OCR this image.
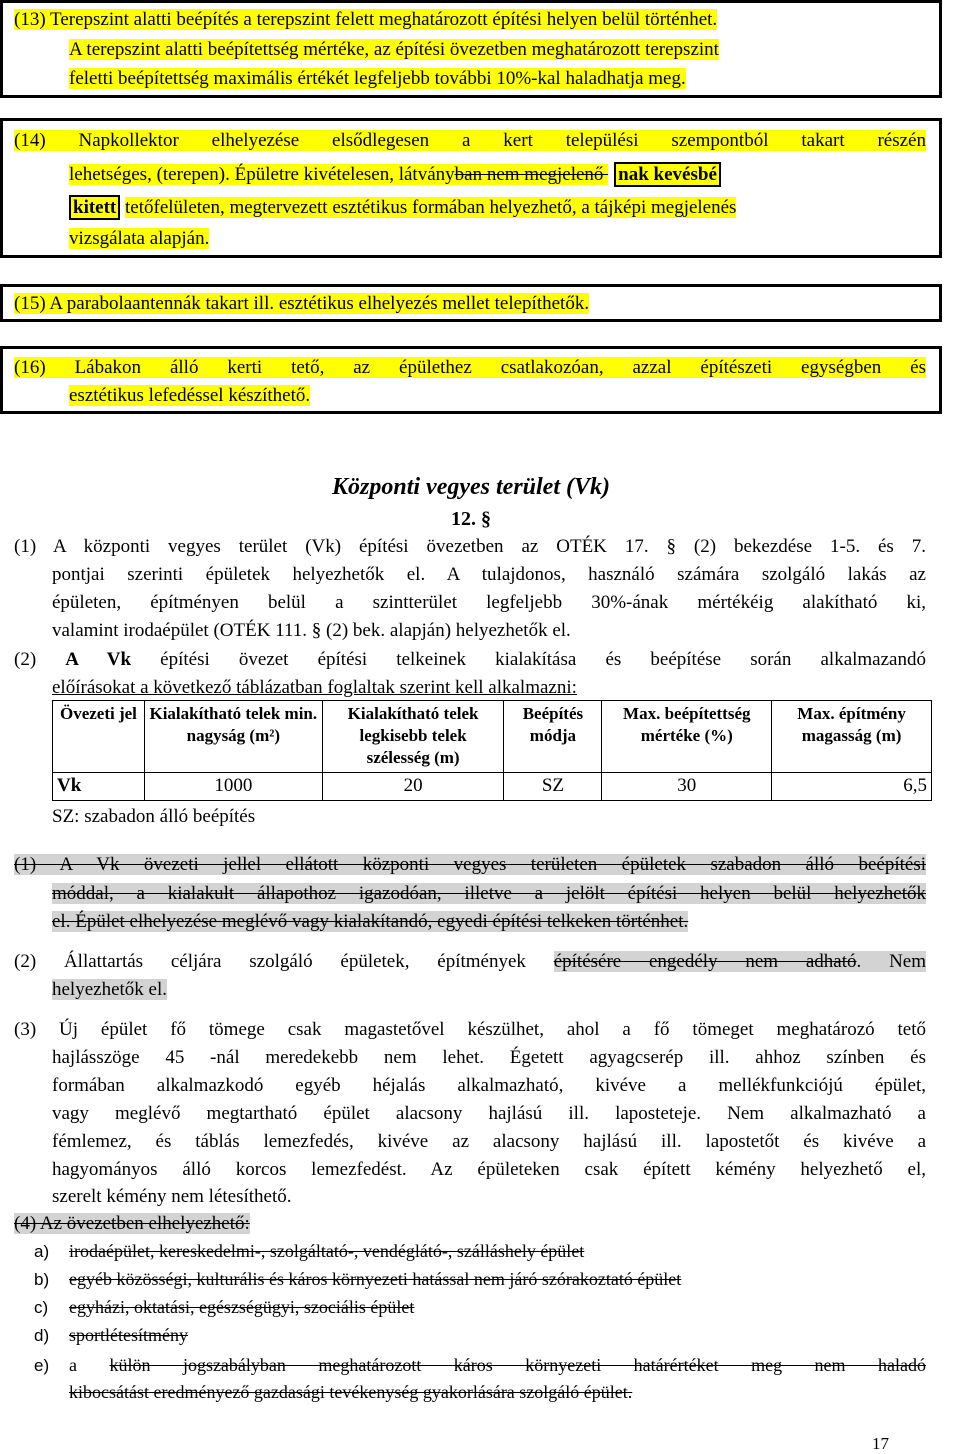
(13) Terepszint alatti beépítés a terepszint felett meghatározott építési helyen belül történhet.
A terepszint alatti beépítettség mértéke, az építési övezetben meghatározott terepszint
feletti beépítettség maximális értékét legfeljebb további 10%-kal haladhatja meg.
(14) Napkollektor elhelyezése elsődlegesen a kert települési szempontból takart részén
lehetséges, (terepen). Épületre kivételesen, látványban nem megjelenő nak kevésbé
kitett tetőfelületen, megtervezett esztétikus formában helyezhető, a tájképi megjelenés
vizsgálata alapján.
(15) A parabolaantennák takart ill. esztétikus elhelyezés mellet telepíthetők.
(16) Lábakon álló kerti tető, az épülethez csatlakozóan, azzal építészeti egységben és
esztétikus lefedéssel készíthető.
Központi vegyes terület (Vk)
12. §
(1) A központi vegyes terület (Vk) építési övezetben az OTÉK 17. § (2) bekezdése 1-5. és 7.
pontjai szerinti épületek helyezhetők el. A tulajdonos, használó számára szolgáló lakás az
épületen, építményen belül a szintterület legfeljebb 30%-ának mértékéig alakítható ki,
valamint irodaépület (OTÉK 111. § (2) bek. alapján) helyezhetők el.
(2) A Vk építési övezet építési telkeinek kialakítása és beépítése során alkalmazandó
előírásokat a következő táblázatban foglaltak szerint kell alkalmazni:
Övezeti jel	Kialakítható telek min. nagyság (m²)	Kialakítható telek legkisebb telek szélesség (m)	Beépítés módja	Max. beépítettség mértéke (%)	Max. építmény magasság (m)
Vk	1000	20	SZ	30	6,5
SZ: szabadon álló beépítés
(1) A Vk övezeti jellel ellátott központi vegyes területen épületek szabadon álló beépítési
móddal, a kialakult állapothoz igazodóan, illetve a jelölt építési helyen belül helyezhetők
el. Épület elhelyezése meglévő vagy kialakítandó, egyedi építési telkeken történhet.
(2) Állattartás céljára szolgáló épületek, építmények építésére engedély nem adható. Nem
helyezhetők el.
(3) Új épület fő tömege csak magastetővel készülhet, ahol a fő tömeget meghatározó tető
hajlásszöge 45 -nál meredekebb nem lehet. Égetett agyagcserép ill. ahhoz színben és
formában alkalmazkodó egyéb héjalás alkalmazható, kivéve a mellékfunkciójú épület,
vagy meglévő megtartható épület alacsony hajlású ill. laposteteje. Nem alkalmazható a
fémlemez, és táblás lemezfedés, kivéve az alacsony hajlású ill. lapostetőt és kivéve a
hagyományos álló korcos lemezfedést. Az épületeken csak épített kémény helyezhető el,
szerelt kémény nem létesíthető.
(4) Az övezetben elhelyezhető:
a) irodaépület, kereskedelmi-, szolgáltató-, vendéglátó-, szálláshely épület
b) egyéb közösségi, kulturális és káros környezeti hatással nem járó szórakoztató épület
c) egyházi, oktatási, egészségügyi, szociális épület
d) sportlétesítmény
e) a külön jogszabályban meghatározott káros környezeti határértéket meg nem haladó
kibocsátást eredményező gazdasági tevékenység gyakorlására szolgáló épület.
17
